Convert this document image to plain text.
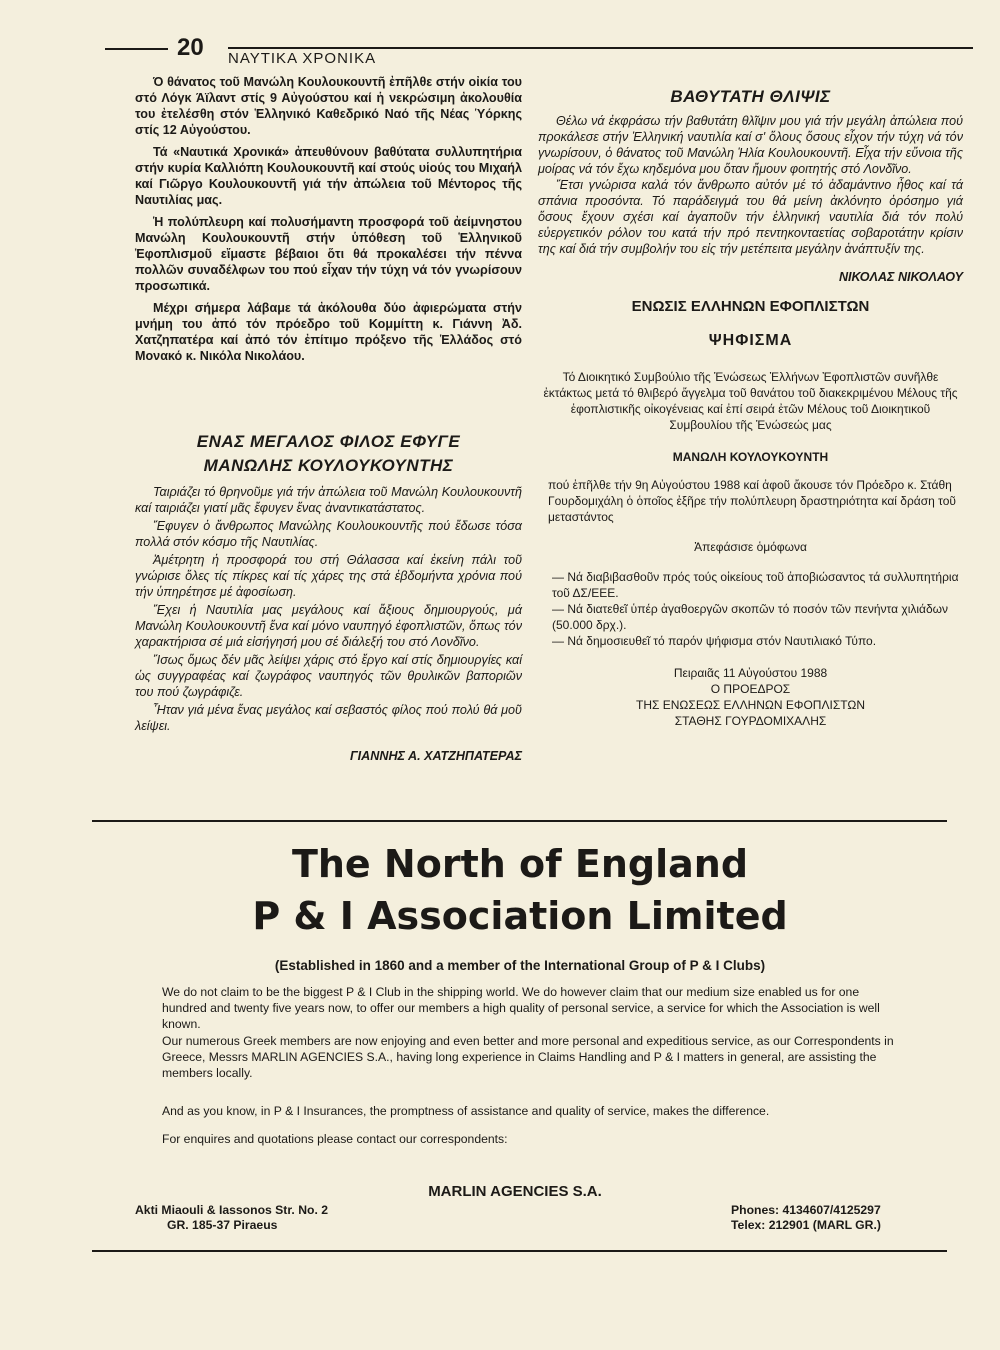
20 ΝΑΥΤΙΚΑ ΧΡΟΝΙΚΑ

Ό θάνατος τοῦ Μανώλη Κουλουκουντῆ ἐπῆλθε στήν οἰκία του στό Λόγκ Άϊλαντ στίς 9 Αὐγούστου καί ἡ νεκρώσιμη ἀκολουθία του ἐτελέσθη στόν Ἑλληνικό Καθεδρικό Ναό τῆς Νέας Ὑόρκης στίς 12 Αὐγούστου.

Τά «Ναυτικά Χρονικά» ἀπευθύνουν βαθύτατα συλλυπητήρια στήν κυρία Καλλιόπη Κουλουκουντῆ καί στούς υἱούς του Μιχαήλ καί Γιῶργο Κουλουκουντῆ γιά τήν ἀπώλεια τοῦ Μέντορος τῆς Ναυτιλίας μας.

Ἡ πολύπλευρη καί πολυσήμαντη προσφορά τοῦ ἀείμνηστου Μανώλη Κουλουκουντῆ στήν ὑπόθεση τοῦ Ἑλληνικοῦ Ἐφοπλισμοῦ εἴμαστε βέβαιοι ὅτι θά προκαλέσει τήν πέννα πολλῶν συναδέλφων του πού εἶχαν τήν τύχη νά τόν γνωρίσουν προσωπικά.

Μέχρι σήμερα λάβαμε τά ἀκόλουθα δύο ἀφιερώματα στήν μνήμη του ἀπό τόν πρόεδρο τοῦ Κομμίττη κ. Γιάννη Ἀδ. Χατζηπατέρα καί ἀπό τόν ἐπίτιμο πρόξενο τῆς Ἑλλάδος στό Μονακό κ. Νικόλα Νικολάου.

ΕΝΑΣ ΜΕΓΑΛΟΣ ΦΙΛΟΣ ΕΦΥΓΕ
ΜΑΝΩΛΗΣ ΚΟΥΛΟΥΚΟΥΝΤΗΣ

Ταιριάζει τό θρηνοῦμε γιά τήν ἀπώλεια τοῦ Μανώλη Κουλουκουντῆ καί ταιριάζει γιατί μᾶς ἔφυγεν ἕνας ἀναντικατάστατος.

Ἔφυγεν ὁ ἄνθρωπος Μανώλης Κουλουκουντῆς πού ἔδωσε τόσα πολλά στόν κόσμο τῆς Ναυτιλίας.

Ἀμέτρητη ἡ προσφορά του στή Θάλασσα καί ἐκείνη πάλι τοῦ γνώρισε ὅλες τίς πίκρες καί τίς χάρες της στά ἑβδομήντα χρόνια πού τήν ὑπηρέτησε μέ ἀφοσίωση.

Ἔχει ἡ Ναυτιλία μας μεγάλους καί ἄξιους δημιουργούς, μά Μανώλη Κουλουκουντῆ ἕνα καί μόνο ναυπηγό ἐφοπλιστῶν, ὅπως τόν χαρακτήρισα σέ μιά εἰσήγησή μου σέ διάλεξή του στό Λονδῖνο.

Ἴσως ὅμως δέν μᾶς λείψει χάρις στό ἔργο καί στίς δημιουργίες καί ὡς συγγραφέας καί ζωγράφος ναυπηγός τῶν θρυλικῶν βαποριῶν του πού ζωγράφιζε.

Ἦταν γιά μένα ἕνας μεγάλος καί σεβαστός φίλος πού πολύ θά μοῦ λείψει.

ΓΙΑΝΝΗΣ Α. ΧΑΤΖΗΠΑΤΕΡΑΣ
ΒΑΘΥΤΑΤΗ ΘΛΙΨΙΣ

Θέλω νά ἐκφράσω τήν βαθυτάτη θλῖψιν μου γιά τήν μεγάλη ἀπώλεια πού προκάλεσε στήν Ἑλληνική ναυτιλία καί σ' ὅλους ὅσους εἶχον τήν τύχη νά τόν γνωρίσουν, ὁ θάνατος τοῦ Μανώλη Ἡλία Κουλουκουντῆ. Εἶχα τήν εὔνοια τῆς μοίρας νά τόν ἔχω κηδεμόνα μου ὅταν ἤμουν φοιτητής στό Λονδῖνο.

Ἔτσι γνώρισα καλά τόν ἄνθρωπο αὐτόν μέ τό ἀδαμάντινο ἦθος καί τά σπάνια προσόντα. Τό παράδειγμά του θά μείνη ἀκλόνητο ὁρόσημο γιά ὅσους ἔχουν σχέσι καί ἀγαποῦν τήν ἑλληνική ναυτιλία διά τόν πολύ εὐεργετικόν ρόλον του κατά τήν πρό πεντηκονταετίας σοβαροτάτην κρίσιν της καί διά τήν συμβολήν του εἰς τήν μετέπειτα μεγάλην ἀνάπτυξίν της.

ΝΙΚΟΛΑΣ ΝΙΚΟΛΑΟΥ
ΕΝΩΣΙΣ ΕΛΛΗΝΩΝ ΕΦΟΠΛΙΣΤΩΝ
ΨΗΦΙΣΜΑ
Τό Διοικητικό Συμβούλιο τῆς Ἑνώσεως Ἑλλήνων Ἐφοπλιστῶν συνῆλθε ἐκτάκτως μετά τό θλιβερό ἄγγελμα τοῦ θανάτου τοῦ διακεκριμένου Μέλους τῆς ἐφοπλιστικῆς οἰκογένειας καί ἐπί σειρά ἐτῶν Μέλους τοῦ Διοικητικοῦ Συμβουλίου τῆς Ἑνώσεώς μας
ΜΑΝΩΛΗ ΚΟΥΛΟΥΚΟΥΝΤΗ
πού ἐπῆλθε τήν 9η Αὐγούστου 1988 καί ἀφοῦ ἄκουσε τόν Πρόεδρο κ. Στάθη Γουρδομιχάλη ὁ ὁποῖος ἐξῆρε τήν πολύπλευρη δραστηριότητα καί δράση τοῦ μεταστάντος
Ἀπεφάσισε ὁμόφωνα
— Νά διαβιβασθοῦν πρός τούς οἰκείους τοῦ ἀποβιώσαντος τά συλλυπητήρια τοῦ ΔΣ/ΕΕΕ.
— Νά διατεθεῖ ὑπέρ ἀγαθοεργῶν σκοπῶν τό ποσόν τῶν πενήντα χιλιάδων (50.000 δρχ.).
— Νά δημοσιευθεῖ τό παρόν ψήφισμα στόν Ναυτιλιακό Τύπο.
Πειραιᾶς 11 Αὐγούστου 1988
Ο ΠΡΟΕΔΡΟΣ
ΤΗΣ ΕΝΩΣΕΩΣ ΕΛΛΗΝΩΝ ΕΦΟΠΛΙΣΤΩΝ
ΣΤΑΘΗΣ ΓΟΥΡΔΟΜΙΧΑΛΗΣ
The North of England
P & I Association Limited
(Established in 1860 and a member of the International Group of P & I Clubs)

We do not claim to be the biggest P & I Club in the shipping world. We do however claim that our medium size enabled us for one hundred and twenty five years now, to offer our members a high quality of personal service, a service for which the Association is well known.

Our numerous Greek members are now enjoying and even better and more personal and expeditious service, as our Correspondents in Greece, Messrs MARLIN AGENCIES S.A., having long experience in Claims Handling and P & I matters in general, are assisting the members locally.

And as you know, in P & I Insurances, the promptness of assistance and quality of service, makes the difference.

For enquires and quotations please contact our correspondents:

MARLIN AGENCIES S.A.
Akti Miaouli & Iassonos Str. No. 2
GR. 185-37 Piraeus
Phones: 4134607/4125297
Telex: 212901 (MARL GR.)
